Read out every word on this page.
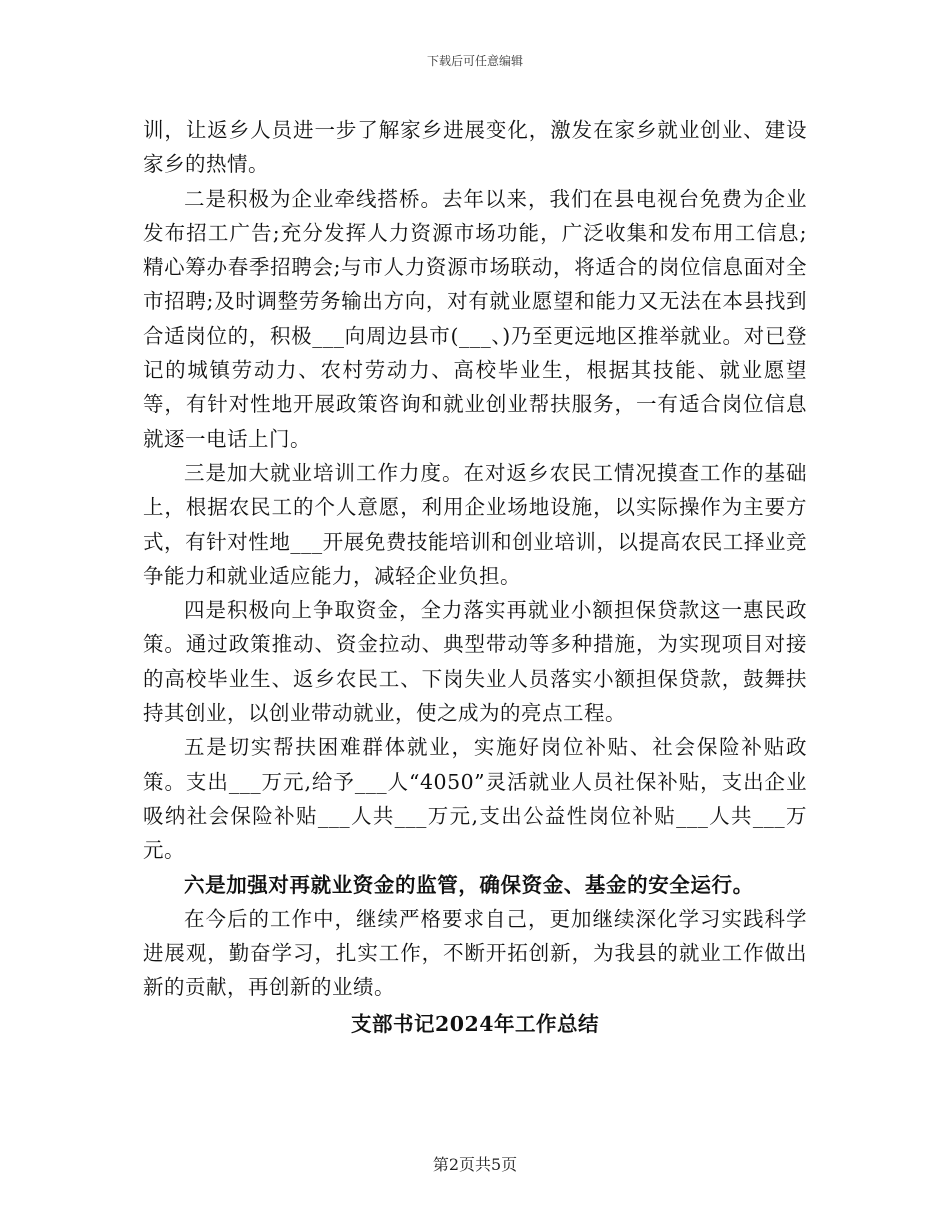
下载后可任意编辑

训，让返乡人员进一步了解家乡进展变化，激发在家乡就业创业、建设家乡的热情。

二是积极为企业牵线搭桥。去年以来，我们在县电视台免费为企业发布招工广告;充分发挥人力资源市场功能，广泛收集和发布用工信息;精心筹办春季招聘会;与市人力资源市场联动，将适合的岗位信息面对全市招聘;及时调整劳务输出方向，对有就业愿望和能力又无法在本县找到合适岗位的，积极___向周边县市(___、)乃至更远地区推举就业。对已登记的城镇劳动力、农村劳动力、高校毕业生，根据其技能、就业愿望等，有针对性地开展政策咨询和就业创业帮扶服务，一有适合岗位信息就逐一电话上门。

三是加大就业培训工作力度。在对返乡农民工情况摸查工作的基础上，根据农民工的个人意愿，利用企业场地设施，以实际操作为主要方式，有针对性地___开展免费技能培训和创业培训，以提高农民工择业竞争能力和就业适应能力，减轻企业负担。

四是积极向上争取资金，全力落实再就业小额担保贷款这一惠民政策。通过政策推动、资金拉动、典型带动等多种措施，为实现项目对接的高校毕业生、返乡农民工、下岗失业人员落实小额担保贷款，鼓舞扶持其创业，以创业带动就业，使之成为的亮点工程。

五是切实帮扶困难群体就业，实施好岗位补贴、社会保险补贴政策。支出___万元,给予___人“4050”灵活就业人员社保补贴，支出企业吸纳社会保险补贴___人共___万元,支出公益性岗位补贴___人共___万元。

六是加强对再就业资金的监管，确保资金、基金的安全运行。

在今后的工作中，继续严格要求自己，更加继续深化学习实践科学进展观，勤奋学习，扎实工作，不断开拓创新，为我县的就业工作做出新的贡献，再创新的业绩。

支部书记2024年工作总结

第2页共5页
